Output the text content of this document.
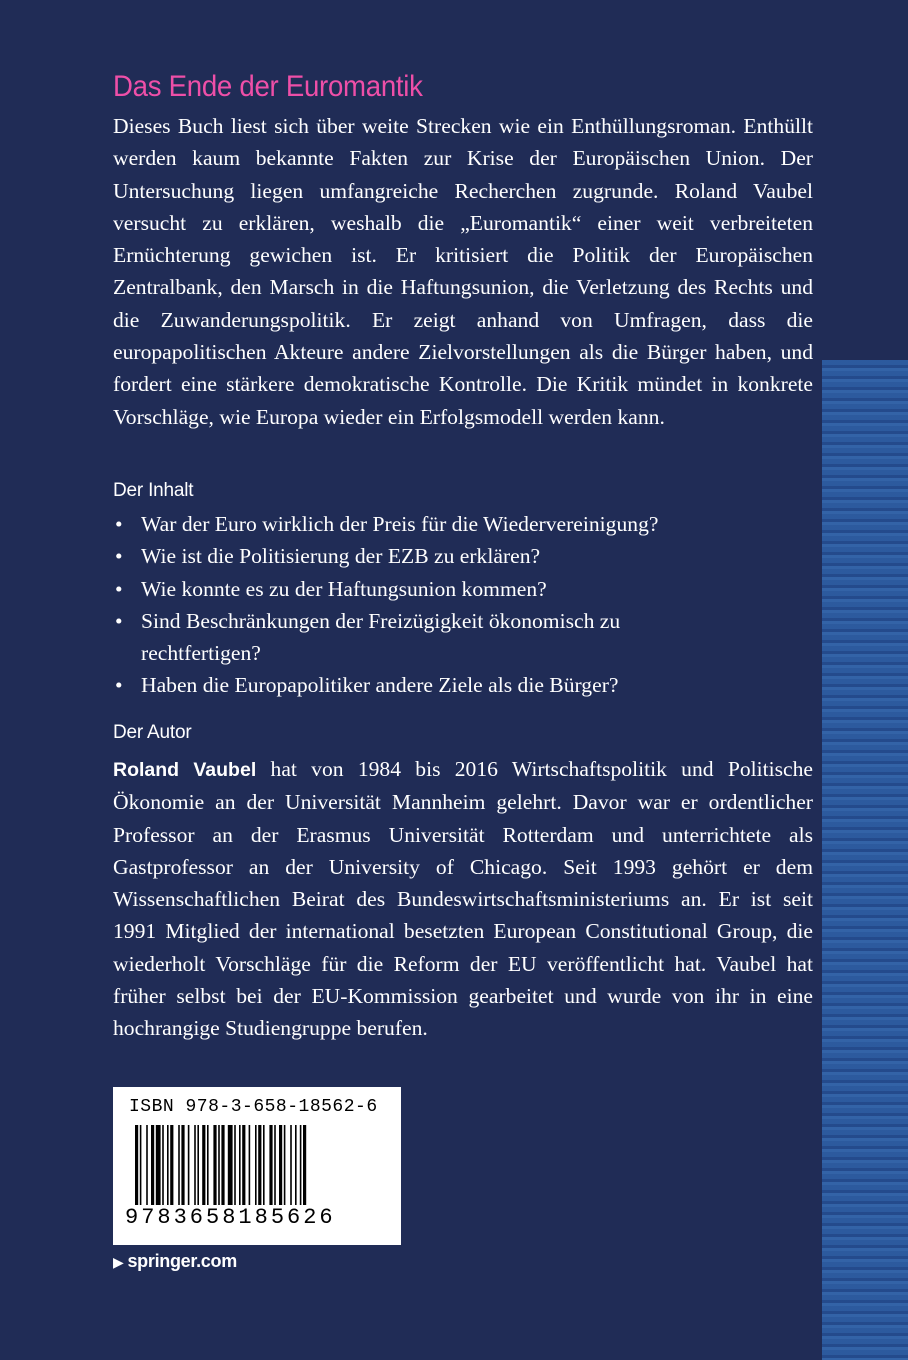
Das Ende der Euromantik

Dieses Buch liest sich über weite Strecken wie ein Enthüllungsroman. Enthüllt werden kaum bekannte Fakten zur Krise der Europäischen Union. Der Untersuchung liegen umfangreiche Recherchen zugrunde. Roland Vaubel versucht zu erklären, weshalb die „Euromantik“ einer weit verbreiteten Ernüchterung gewichen ist. Er kritisiert die Politik der Europäischen Zentralbank, den Marsch in die Haftungsunion, die Verletzung des Rechts und die Zuwanderungspolitik. Er zeigt anhand von Umfragen, dass die europapolitischen Akteure andere Zielvorstellungen als die Bürger haben, und fordert eine stärkere demokratische Kontrolle. Die Kritik mündet in konkrete Vorschläge, wie Europa wieder ein Erfolgsmodell werden kann.

Der Inhalt
• War der Euro wirklich der Preis für die Wiedervereinigung?
• Wie ist die Politisierung der EZB zu erklären?
• Wie konnte es zu der Haftungsunion kommen?
• Sind Beschränkungen der Freizügigkeit ökonomisch zu rechtfertigen?
• Haben die Europapolitiker andere Ziele als die Bürger?
Der Autor

Roland Vaubel hat von 1984 bis 2016 Wirtschaftspolitik und Politische Ökonomie an der Universität Mannheim gelehrt. Davor war er ordentlicher Professor an der Erasmus Universität Rotterdam und unterrichtete als Gastprofessor an der University of Chicago. Seit 1993 gehört er dem Wissenschaftlichen Beirat des Bundeswirtschaftsministeriums an. Er ist seit 1991 Mitglied der international besetzten European Constitutional Group, die wiederholt Vorschläge für die Reform der EU veröffentlicht hat. Vaubel hat früher selbst bei der EU-Kommission gearbeitet und wurde von ihr in eine hochrangige Studiengruppe berufen.

ISBN 978-3-658-18562-6
9783658185626
▶ springer.com
